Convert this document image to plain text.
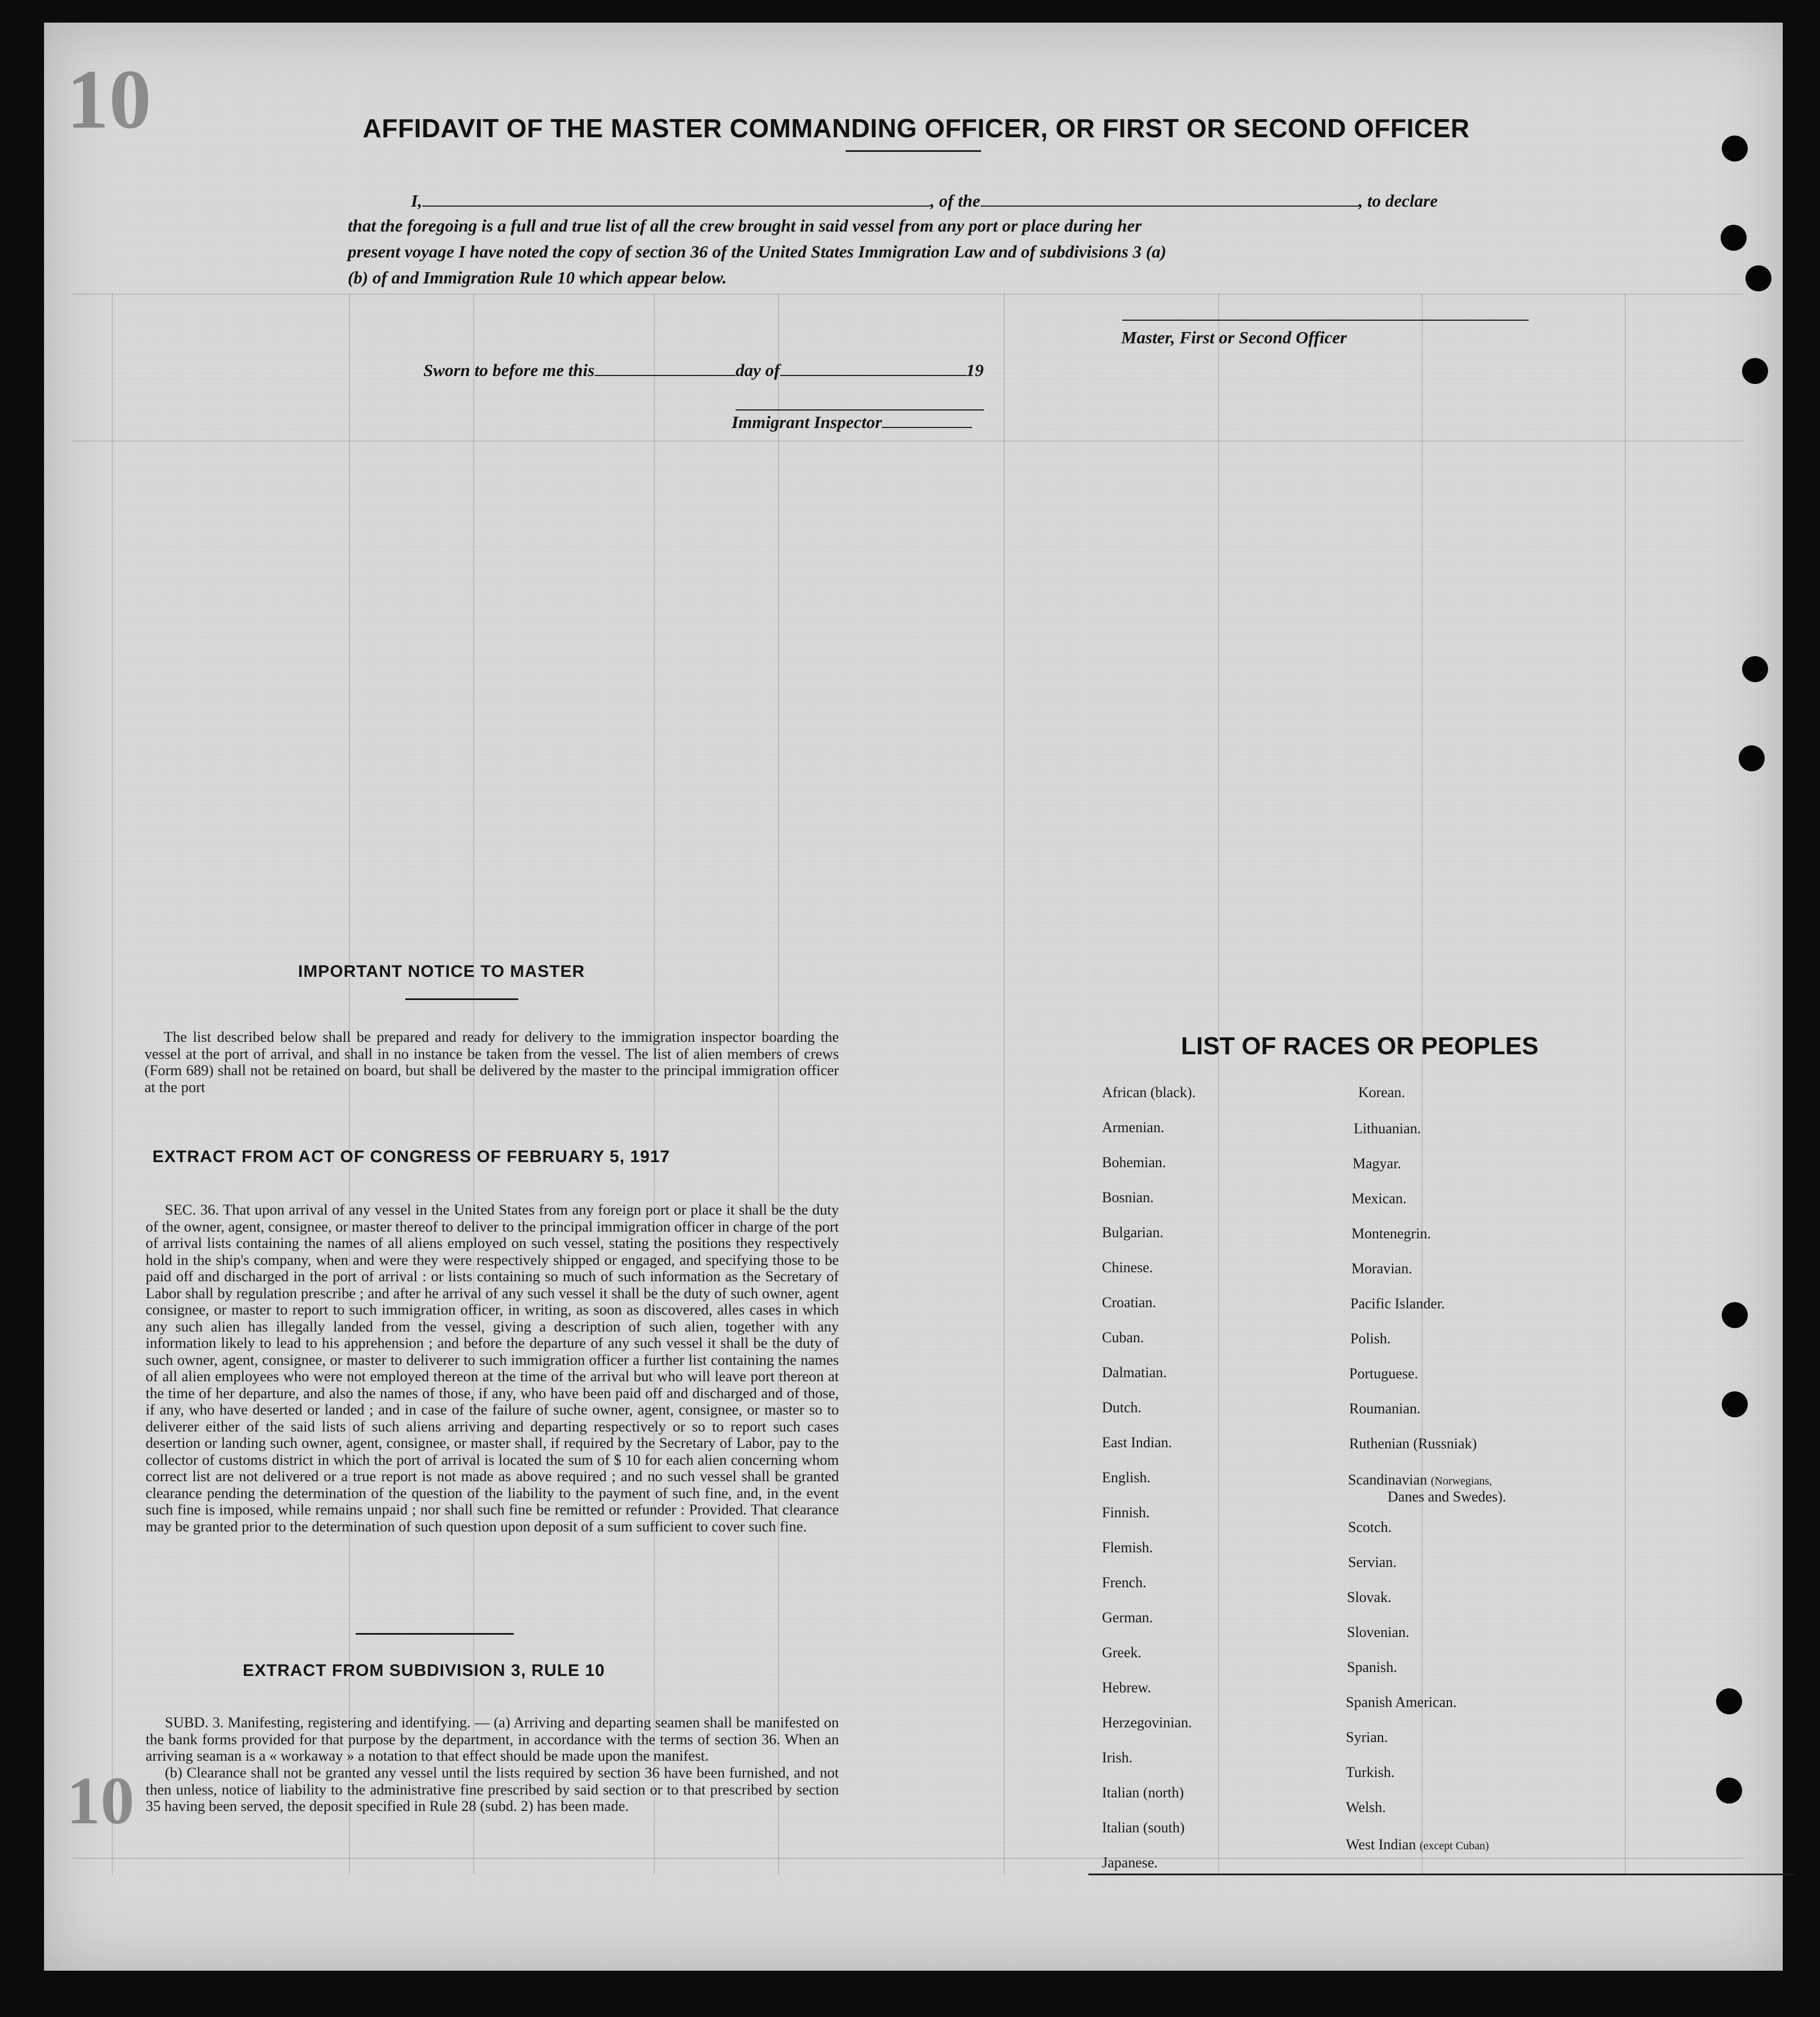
10
10
AFFIDAVIT OF THE MASTER COMMANDING OFFICER, OR FIRST OR SECOND OFFICER
I,	, of the	, to declare
that the foregoing is a full and true list of all the crew brought in said vessel from any port or place during her
present voyage I have noted the copy of section 36 of the United States Immigration Law and of subdivisions 3 (a)
(b) of and Immigration Rule 10 which appear below.
Master, First or Second Officer
Sworn to before me this	day of	19
Immigrant Inspector
IMPORTANT NOTICE TO MASTER
The list described below shall be prepared and ready for delivery to the immigration inspector boarding the vessel at the port of arrival, and shall in no instance be taken from the vessel. The list of alien members of crews (Form 689) shall not be retained on board, but shall be delivered by the master to the principal immigration officer at the port
EXTRACT FROM ACT OF CONGRESS OF FEBRUARY 5, 1917
SEC. 36. That upon arrival of any vessel in the United States from any foreign port or place it shall be the duty of the owner, agent, consignee, or master thereof to deliver to the principal immigration officer in charge of the port of arrival lists containing the names of all aliens employed on such vessel, stating the positions they respectively hold in the ship's company, when and were they were respectively shipped or engaged, and specifying those to be paid off and discharged in the port of arrival : or lists containing so much of such information as the Secretary of Labor shall by regulation prescribe ; and after he arrival of any such vessel it shall be the duty of such owner, agent consignee, or master to report to such immigration officer, in writing, as soon as discovered, alles cases in which any such alien has illegally landed from the vessel, giving a description of such alien, together with any information likely to lead to his apprehension ; and before the departure of any such vessel it shall be the duty of such owner, agent, consignee, or master to deliverer to such immigration officer a further list containing the names of all alien employees who were not employed thereon at the time of the arrival but who will leave port thereon at the time of her departure, and also the names of those, if any, who have been paid off and discharged and of those, if any, who have deserted or landed ; and in case of the failure of suche owner, agent, consignee, or master so to deliverer either of the said lists of such aliens arriving and departing respectively or so to report such cases desertion or landing such owner, agent, consignee, or master shall, if required by the Secretary of Labor, pay to the collector of customs district in which the port of arrival is located the sum of $ 10 for each alien concerning whom correct list are not delivered or a true report is not made as above required ; and no such vessel shall be granted clearance pending the determination of the question of the liability to the payment of such fine, and, in the event such fine is imposed, while remains unpaid ; nor shall such fine be remitted or refunder : Provided. That clearance may be granted prior to the determination of such question upon deposit of a sum sufficient to cover such fine.
EXTRACT FROM SUBDIVISION 3, RULE 10
SUBD. 3. Manifesting, registering and identifying. — (a) Arriving and departing seamen shall be manifested on the bank forms provided for that purpose by the department, in accordance with the terms of section 36. When an arriving seaman is a « workaway » a notation to that effect should be made upon the manifest.
(b) Clearance shall not be granted any vessel until the lists required by section 36 have been furnished, and not then unless, notice of liability to the administrative fine prescribed by said section or to that prescribed by section 35 having been served, the deposit specified in Rule 28 (subd. 2) has been made.
LIST OF RACES OR PEOPLES
African (black).
Armenian.
Bohemian.
Bosnian.
Bulgarian.
Chinese.
Croatian.
Cuban.
Dalmatian.
Dutch.
East Indian.
English.
Finnish.
Flemish.
French.
German.
Greek.
Hebrew.
Herzegovinian.
Irish.
Italian (north)
Italian (south)
Japanese.
Korean.
Lithuanian.
Magyar.
Mexican.
Montenegrin.
Moravian.
Pacific Islander.
Polish.
Portuguese.
Roumanian.
Ruthenian (Russniak)
Scandinavian (Norwegians,
Danes and Swedes).
Scotch.
Servian.
Slovak.
Slovenian.
Spanish.
Spanish American.
Syrian.
Turkish.
Welsh.
West Indian (except Cuban)
